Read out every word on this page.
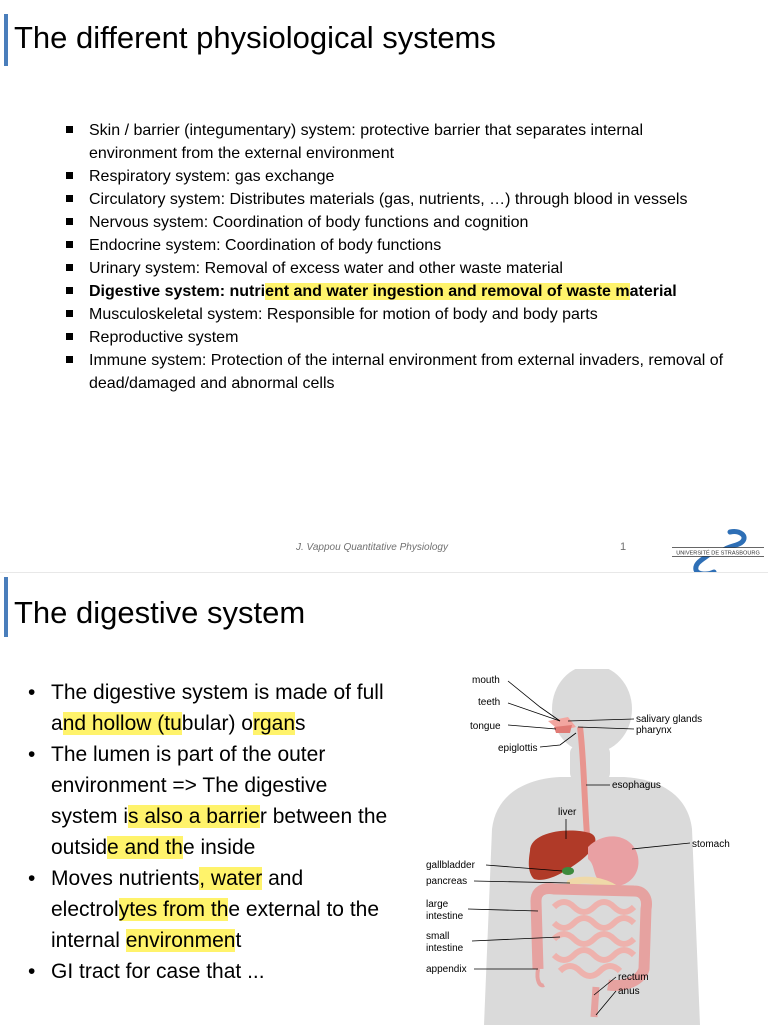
The different physiological systems
Skin / barrier (integumentary) system: protective barrier that separates internal environment from the external environment
Respiratory system: gas exchange
Circulatory system: Distributes materials (gas, nutrients, …) through blood in vessels
Nervous system: Coordination of body functions and cognition
Endocrine system: Coordination of body functions
Urinary system: Removal of excess water and other waste material
Digestive system: nutrient and water ingestion and removal of waste material
Musculoskeletal system: Responsible for motion of body and body parts
Reproductive system
Immune system: Protection of the internal environment from external invaders, removal of dead/damaged and abnormal cells
J. Vappou Quantitative Physiology	1
UNIVERSITÉ DE STRASBOURG
The digestive system
• The digestive system is made of full and hollow (tubular) organs
• The lumen is part of the outer environment => The digestive system is also a barrier between the outside and the inside
• Moves nutrients, water and electrolytes from the external to the internal environment
• GI tract for case that ...
mouth
teeth
tongue
epiglottis
salivary glands
pharynx
esophagus
liver
stomach
gallbladder
pancreas
large
intestine
small
intestine
appendix
rectum
anus
